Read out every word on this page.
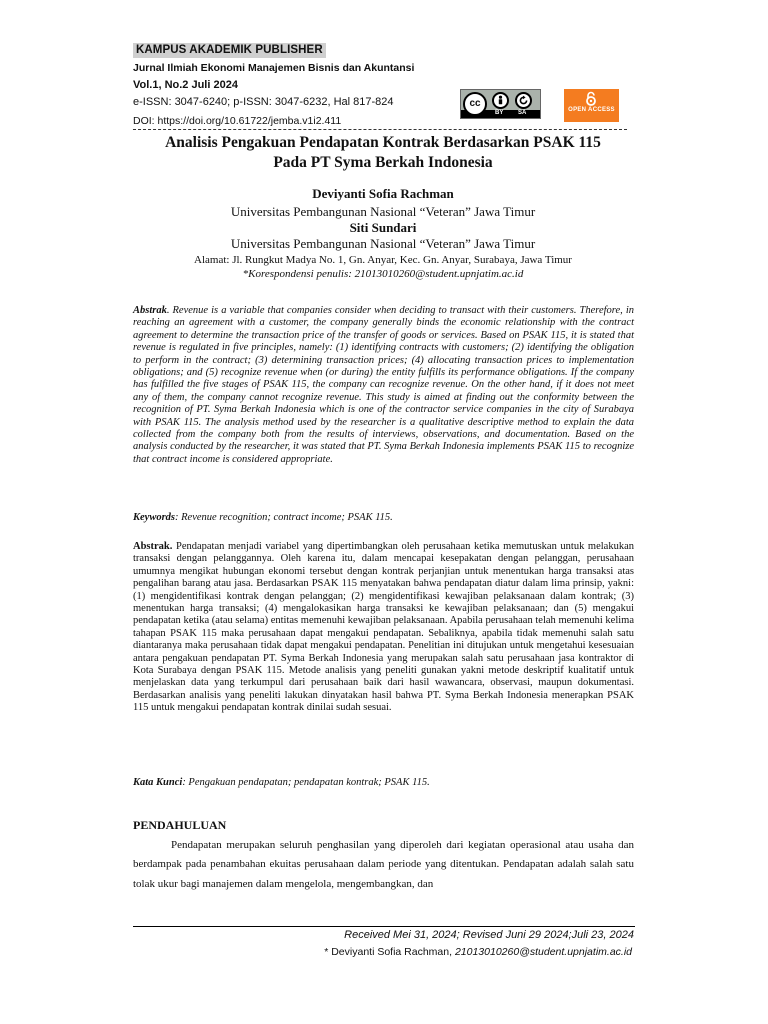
KAMPUS AKADEMIK PUBLISHER
Jurnal Ilmiah Ekonomi Manajemen Bisnis dan Akuntansi
Vol.1, No.2 Juli 2024
e-ISSN: 3047-6240; p-ISSN: 3047-6232, Hal 817-824
DOI: https://doi.org/10.61722/jemba.v1i2.411
cc
BY SA	OPEN ACCESS
Analisis Pengakuan Pendapatan Kontrak Berdasarkan PSAK 115
Pada PT Syma Berkah Indonesia
Deviyanti Sofia Rachman
Universitas Pembangunan Nasional “Veteran” Jawa Timur
Siti Sundari
Universitas Pembangunan Nasional “Veteran” Jawa Timur
Alamat: Jl. Rungkut Madya No. 1, Gn. Anyar, Kec. Gn. Anyar, Surabaya, Jawa Timur
*Korespondensi penulis: 21013010260@student.upnjatim.ac.id

Abstrak. Revenue is a variable that companies consider when deciding to transact with their customers. Therefore, in reaching an agreement with a customer, the company generally binds the economic relationship with the contract agreement to determine the transaction price of the transfer of goods or services. Based on PSAK 115, it is stated that revenue is regulated in five principles, namely: (1) identifying contracts with customers; (2) identifying the obligation to perform in the contract; (3) determining transaction prices; (4) allocating transaction prices to implementation obligations; and (5) recognize revenue when (or during) the entity fulfills its performance obligations. If the company has fulfilled the five stages of PSAK 115, the company can recognize revenue. On the other hand, if it does not meet any of them, the company cannot recognize revenue. This study is aimed at finding out the conformity between the recognition of PT. Syma Berkah Indonesia which is one of the contractor service companies in the city of Surabaya with PSAK 115. The analysis method used by the researcher is a qualitative descriptive method to explain the data collected from the company both from the results of interviews, observations, and documentation. Based on the analysis conducted by the researcher, it was stated that PT. Syma Berkah Indonesia implements PSAK 115 to recognize that contract income is considered appropriate.

Keywords: Revenue recognition; contract income; PSAK 115.

Abstrak. Pendapatan menjadi variabel yang dipertimbangkan oleh perusahaan ketika memutuskan untuk melakukan transaksi dengan pelanggannya. Oleh karena itu, dalam mencapai kesepakatan dengan pelanggan, perusahaan umumnya mengikat hubungan ekonomi tersebut dengan kontrak perjanjian untuk menentukan harga transaksi atas pengalihan barang atau jasa. Berdasarkan PSAK 115 menyatakan bahwa pendapatan diatur dalam lima prinsip, yakni: (1) mengidentifikasi kontrak dengan pelanggan; (2) mengidentifikasi kewajiban pelaksanaan dalam kontrak; (3) menentukan harga transaksi; (4) mengalokasikan harga transaksi ke kewajiban pelaksanaan; dan (5) mengakui pendapatan ketika (atau selama) entitas memenuhi kewajiban pelaksanaan. Apabila perusahaan telah memenuhi kelima tahapan PSAK 115 maka perusahaan dapat mengakui pendapatan. Sebaliknya, apabila tidak memenuhi salah satu diantaranya maka perusahaan tidak dapat mengakui pendapatan. Penelitian ini ditujukan untuk mengetahui kesesuaian antara pengakuan pendapatan PT. Syma Berkah Indonesia yang merupakan salah satu perusahaan jasa kontraktor di Kota Surabaya dengan PSAK 115. Metode analisis yang peneliti gunakan yakni metode deskriptif kualitatif untuk menjelaskan data yang terkumpul dari perusahaan baik dari hasil wawancara, observasi, maupun dokumentasi. Berdasarkan analisis yang peneliti lakukan dinyatakan hasil bahwa PT. Syma Berkah Indonesia menerapkan PSAK 115 untuk mengakui pendapatan kontrak dinilai sudah sesuai.

Kata Kunci: Pengakuan pendapatan; pendapatan kontrak; PSAK 115.
PENDAHULUAN

Pendapatan merupakan seluruh penghasilan yang diperoleh dari kegiatan operasional atau usaha dan berdampak pada penambahan ekuitas perusahaan dalam periode yang ditentukan. Pendapatan adalah salah satu tolak ukur bagi manajemen dalam mengelola, mengembangkan, dan

Received Mei 31, 2024; Revised Juni 29 2024;Juli 23, 2024
* Deviyanti Sofia Rachman, 21013010260@student.upnjatim.ac.id
